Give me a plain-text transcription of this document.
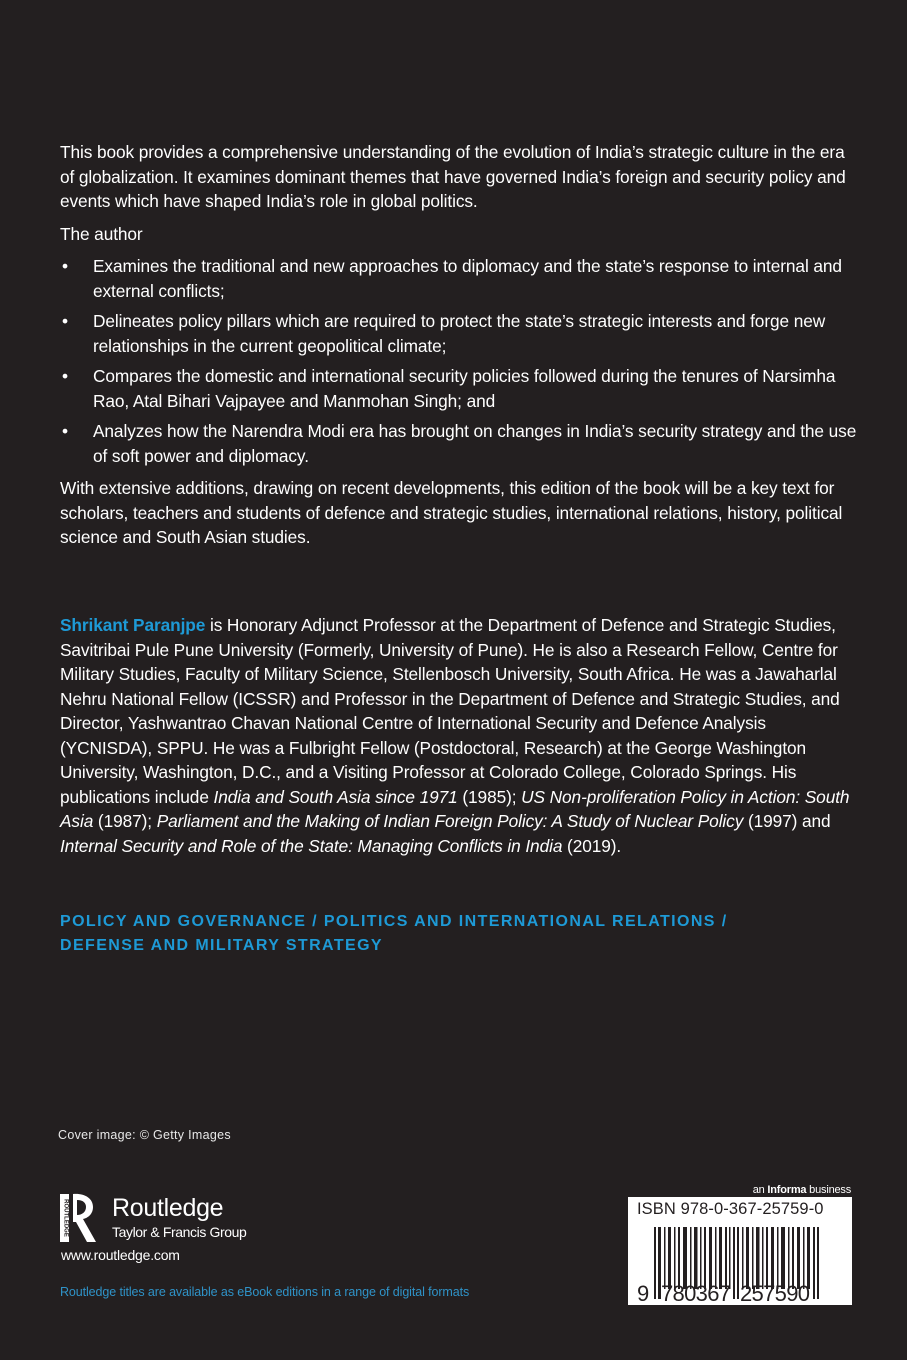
This book provides a comprehensive understanding of the evolution of India’s strategic culture in the era of globalization. It examines dominant themes that have governed India’s foreign and security policy and events which have shaped India’s role in global politics.

The author

• Examines the traditional and new approaches to diplomacy and the state’s response to internal and external conflicts;
• Delineates policy pillars which are required to protect the state’s strategic interests and forge new relationships in the current geopolitical climate;
• Compares the domestic and international security policies followed during the tenures of Narsimha Rao, Atal Bihari Vajpayee and Manmohan Singh; and
• Analyzes how the Narendra Modi era has brought on changes in India’s security strategy and the use of soft power and diplomacy.

With extensive additions, drawing on recent developments, this edition of the book will be a key text for scholars, teachers and students of defence and strategic studies, international relations, history, political science and South Asian studies.

Shrikant Paranjpe is Honorary Adjunct Professor at the Department of Defence and Strategic Studies, Savitribai Pule Pune University (Formerly, University of Pune). He is also a Research Fellow, Centre for Military Studies, Faculty of Military Science, Stellenbosch University, South Africa. He was a Jawaharlal Nehru National Fellow (ICSSR) and Professor in the Department of Defence and Strategic Studies, and Director, Yashwantrao Chavan National Centre of International Security and Defence Analysis (YCNISDA), SPPU. He was a Fulbright Fellow (Postdoctoral, Research) at the George Washington University, Washington, D.C., and a Visiting Professor at Colorado College, Colorado Springs. His publications include India and South Asia since 1971 (1985); US Non-proliferation Policy in Action: South Asia (1987); Parliament and the Making of Indian Foreign Policy: A Study of Nuclear Policy (1997) and Internal Security and Role of the State: Managing Conflicts in India (2019).
POLICY AND GOVERNANCE / POLITICS AND INTERNATIONAL RELATIONS /
DEFENSE AND MILITARY STRATEGY
Cover image: © Getty Images
ROUTLEDGE Routledge
Taylor & Francis Group
www.routledge.com
Routledge titles are available as eBook editions in a range of digital formats
an Informa business
ISBN 978-0-367-25759-0
9 780367 257590
